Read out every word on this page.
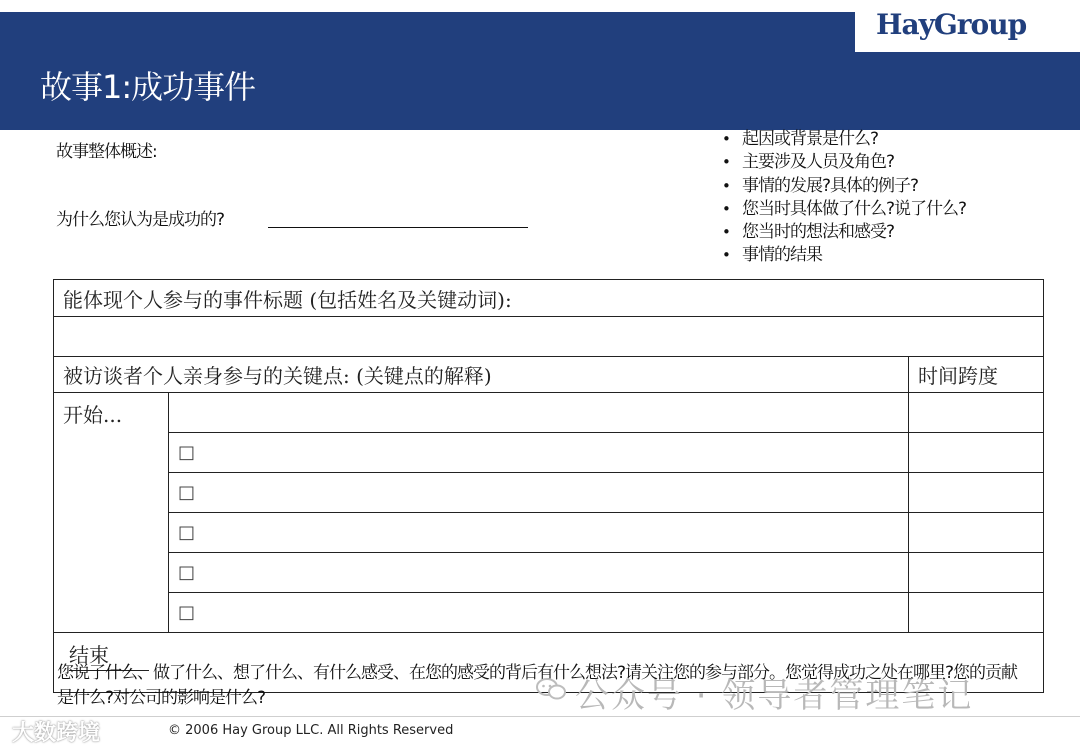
HayGroup
故事1:成功事件
故事整体概述:
为什么您认为是成功的?
• 起因或背景是什么?
• 主要涉及人员及角色?
• 事情的发展?具体的例子?
• 您当时具体做了什么?说了什么?
• 您当时的想法和感受?
• 事情的结果
能体现个人参与的事件标题 (包括姓名及关键动词):		

被访谈者个人亲身参与的关键点: (关键点的解释)		时间跨度
开始...		
	□	
	□	
	□	
	□	
	□	
结束		
您说了什么、做了什么、想了什么、有什么感受、在您的感受的背后有什么想法?请关注您的参与部分。您觉得成功之处在哪里?您的贡献是什么?对公司的影响是什么?	公众号 · 领导者管理笔记
大数跨境	© 2006 Hay Group LLC. All Rights Reserved
